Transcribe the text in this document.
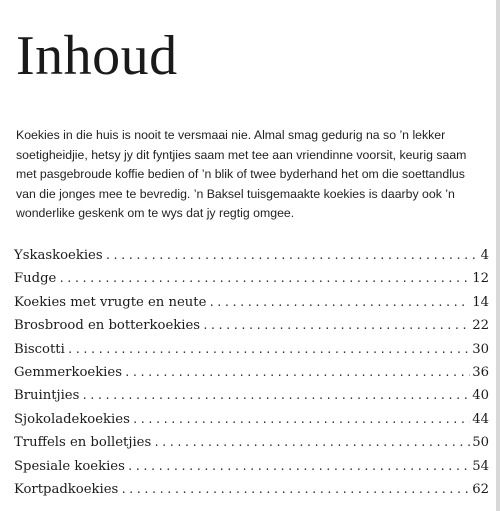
Inhoud

Koekies in die huis is nooit te versmaai nie. Almal smag gedurig na so ’n lekker soetigheidjie, hetsy jy dit fyntjies saam met tee aan vriendinne voorsit, keurig saam met pasgebroude koffie bedien of ’n blik of twee byderhand het om die soettandlus van die jonges mee te bevredig. ’n Baksel tuisgemaakte koekies is daarby ook ’n wonderlike geskenk om te wys dat jy regtig omgee.

Yskaskoekies .....	4
Fudge .....	12
Koekies met vrugte en neute .....	14
Brosbrood en botterkoekies .....	22
Biscotti .....	30
Gemmerkoekies .....	36
Bruintjies .....	40
Sjokoladekoekies .....	44
Truffels en bolletjies .....	50
Spesiale koekies .....	54
Kortpadkoekies .....	62
